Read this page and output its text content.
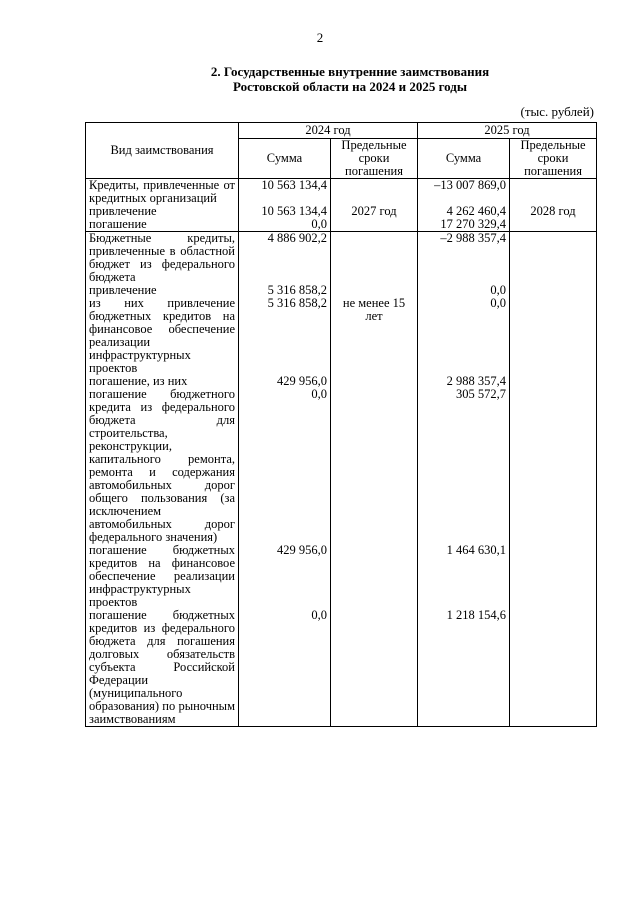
2
2. Государственные внутренние заимствования
Ростовской области на 2024 и 2025 годы
(тыс. рублей)
Вид заимствования	2024 год		2025 год	
	Сумма	Предельные сроки погашения	Сумма	Предельные сроки погашения
Кредиты, привлеченные от кредитных организаций	10 563 134,4		–13 007 869,0	
привлечение	10 563 134,4	2027 год	4 262 460,4	2028 год
погашение	0,0		17 270 329,4	
Бюджетные кредиты, привлеченные в областной бюджет из федерального бюджета	4 886 902,2		–2 988 357,4	
привлечение	5 316 858,2		0,0	
из них привлечение бюджетных кредитов на финансовое обеспечение реализации инфраструктурных проектов	5 316 858,2	не менее 15 лет	0,0	
погашение, из них	429 956,0		2 988 357,4	
погашение бюджетного кредита из федерального бюджета для строительства, реконструкции, капитального ремонта, ремонта и содержания автомобильных дорог общего пользования (за исключением автомобильных дорог федерального значения)	0,0		305 572,7	
погашение бюджетных кредитов на финансовое обеспечение реализации инфраструктурных проектов	429 956,0		1 464 630,1	
погашение бюджетных кредитов из федерального бюджета для погашения долговых обязательств субъекта Российской Федерации (муниципального образования) по рыночным заимствованиям	0,0		1 218 154,6	
